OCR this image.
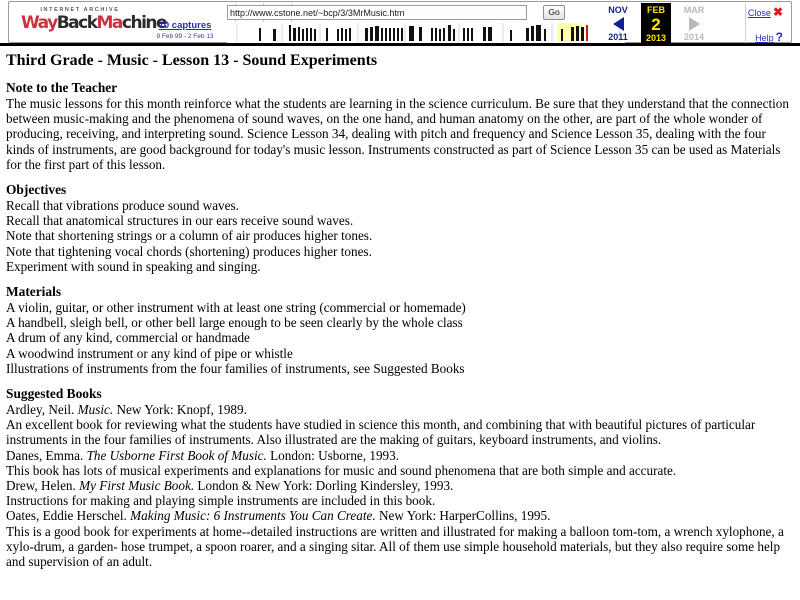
INTERNET ARCHIVE
WayBackMachine
70 captures
9 Feb 99 - 2 Feb 13
http://www.cstone.net/~bcp/3/3MrMusic.htm
Go	NOV
2011
FEB
2
2013
MAR
2014
Close ✖
Help ?
Third Grade - Music - Lesson 13 - Sound Experiments
Note to the Teacher

The music lessons for this month reinforce what the students are learning in the science curriculum. Be sure that they understand that the connection between music-making and the phenomena of sound waves, on the one hand, and human anatomy on the other, are part of the whole wonder of producing, receiving, and interpreting sound. Science Lesson 34, dealing with pitch and frequency and Science Lesson 35, dealing with the four kinds of instruments, are good background for today's music lesson. Instruments constructed as part of Science Lesson 35 can be used as Materials for the first part of this lesson.

Objectives
Recall that vibrations produce sound waves.
Recall that anatomical structures in our ears receive sound waves.
Note that shortening strings or a column of air produces higher tones.
Note that tightening vocal chords (shortening) produces higher tones.
Experiment with sound in speaking and singing.
Materials
A violin, guitar, or other instrument with at least one string (commercial or homemade)
A handbell, sleigh bell, or other bell large enough to be seen clearly by the whole class
A drum of any kind, commercial or handmade
A woodwind instrument or any kind of pipe or whistle
Illustrations of instruments from the four families of instruments, see Suggested Books
Suggested Books
Ardley, Neil. Music. New York: Knopf, 1989.

An excellent book for reviewing what the students have studied in science this month, and combining that with beautiful pictures of particular instruments in the four families of instruments. Also illustrated are the making of guitars, keyboard instruments, and violins.

Danes, Emma. The Usborne First Book of Music. London: Usborne, 1993.

This book has lots of musical experiments and explanations for music and sound phenomena that are both simple and accurate.

Drew, Helen. My First Music Book. London & New York: Dorling Kindersley, 1993.

Instructions for making and playing simple instruments are included in this book.

Oates, Eddie Herschel. Making Music: 6 Instruments You Can Create. New York: HarperCollins, 1995.

This is a good book for experiments at home--detailed instructions are written and illustrated for making a balloon tom-tom, a wrench xylophone, a xylo-drum, a garden- hose trumpet, a spoon roarer, and a singing sitar. All of them use simple household materials, but they also require some help and supervision of an adult.
